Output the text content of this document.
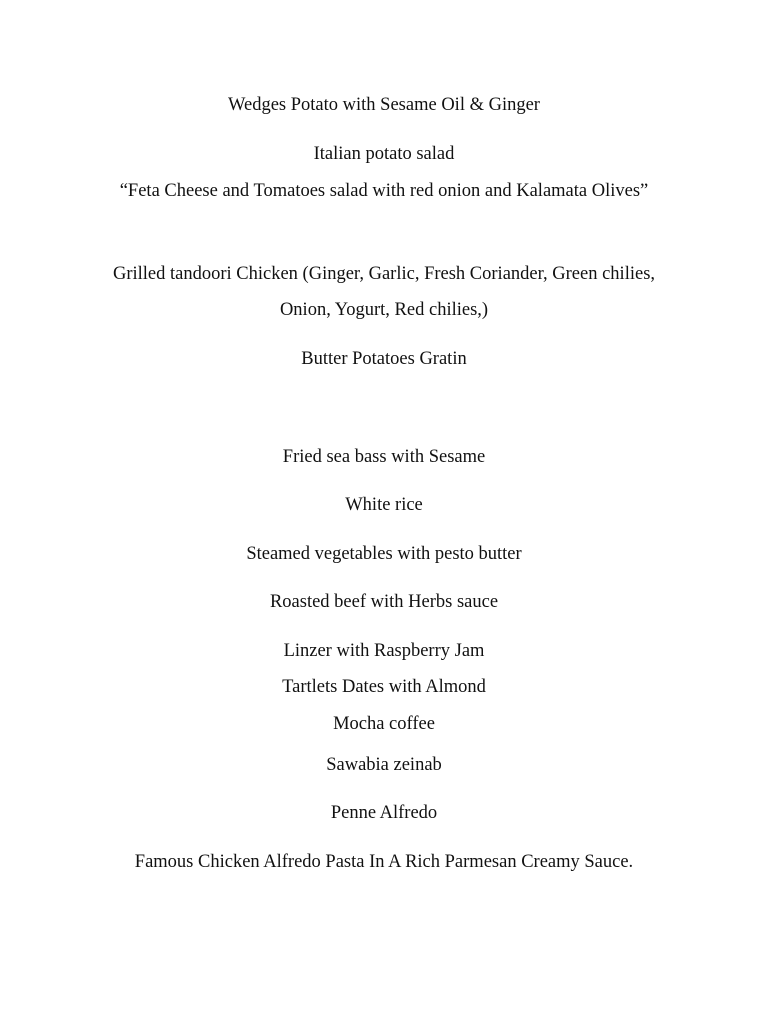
Wedges Potato with Sesame Oil & Ginger
Italian potato salad
“Feta Cheese and Tomatoes salad with red onion and Kalamata Olives”
Grilled tandoori Chicken (Ginger, Garlic, Fresh Coriander, Green chilies, Onion, Yogurt, Red chilies,)
Butter Potatoes Gratin
Fried sea bass with Sesame
White rice
Steamed vegetables with pesto butter
Roasted beef with Herbs sauce
Linzer with Raspberry Jam
Tartlets Dates with Almond
Mocha coffee
Sawabia zeinab
Penne Alfredo
Famous Chicken Alfredo Pasta In A Rich Parmesan Creamy Sauce.
